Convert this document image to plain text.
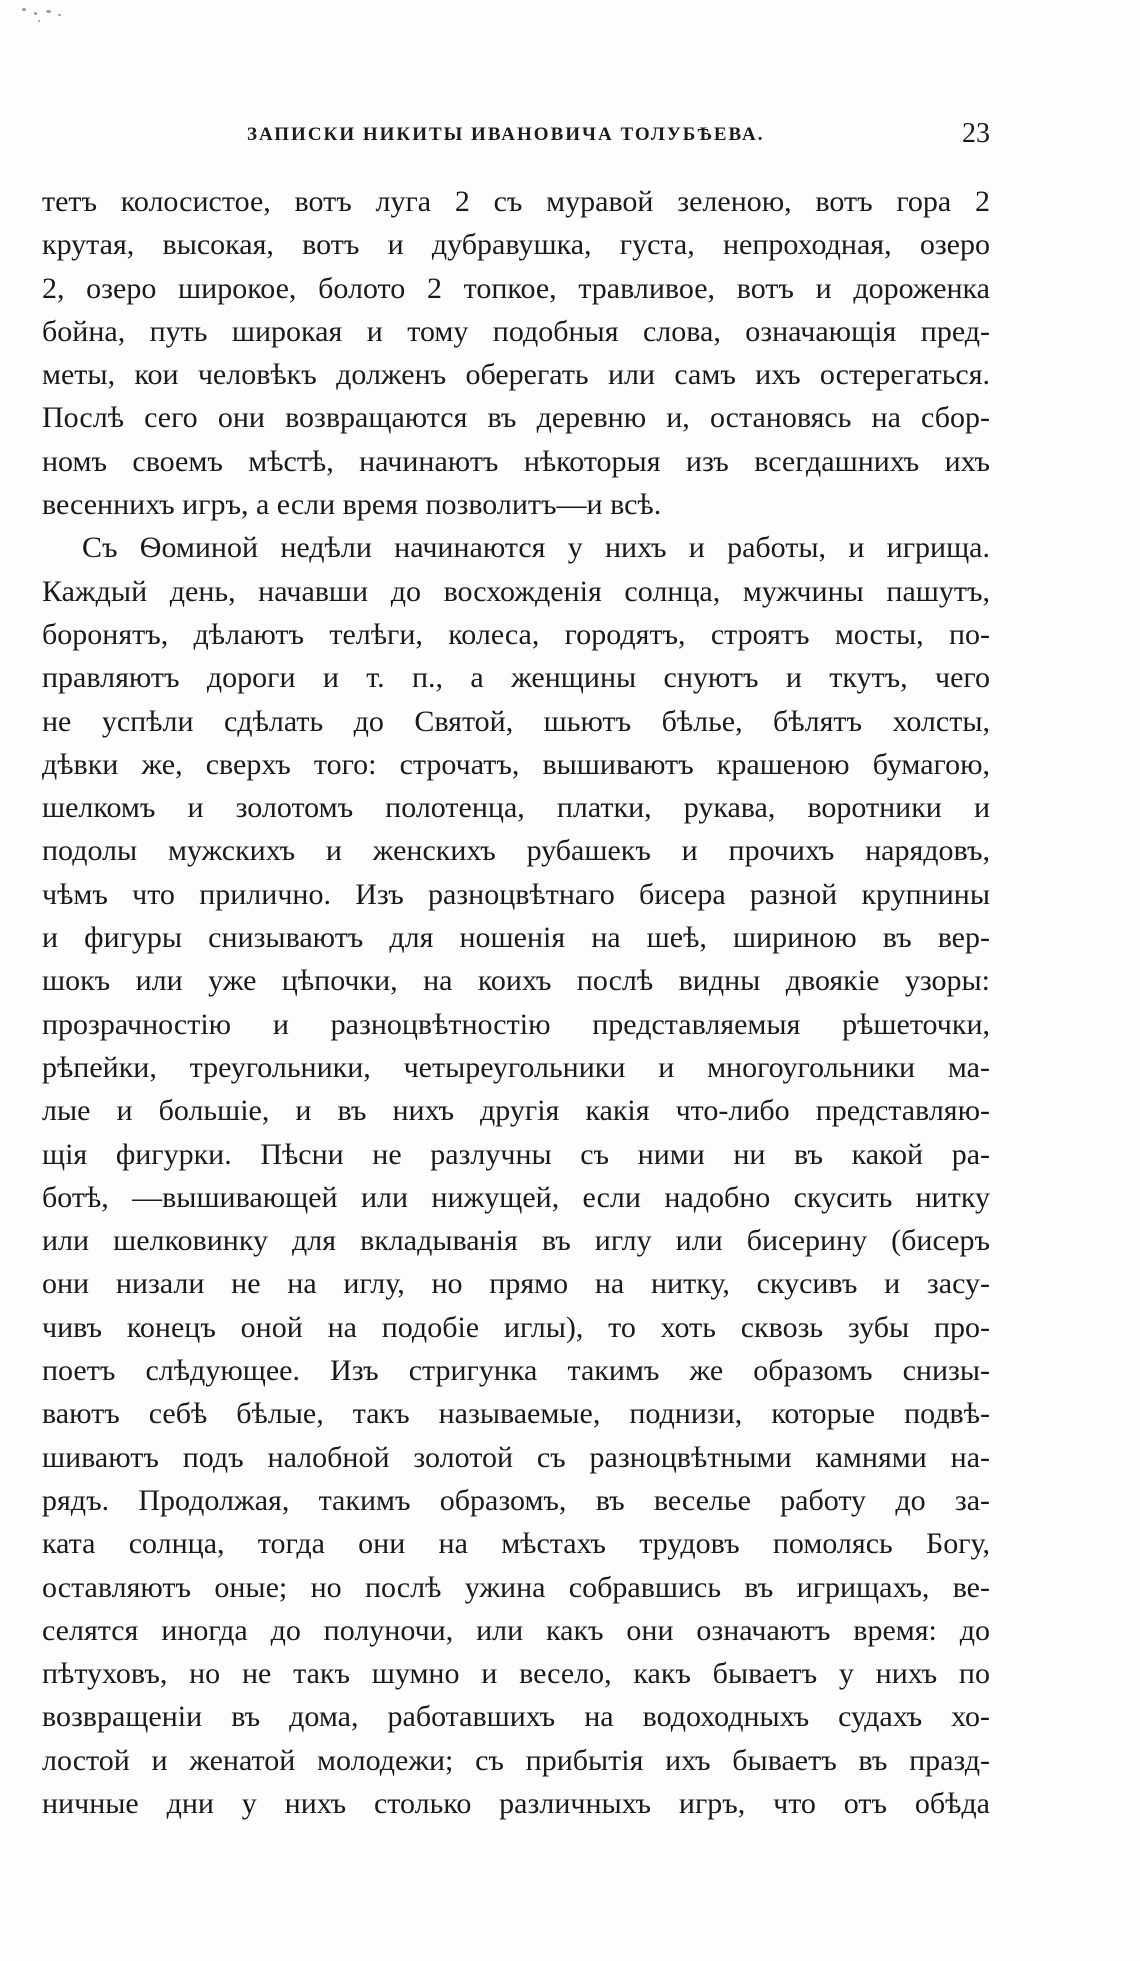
ЗАПИСКИ НИКИТЫ ИВАНОВИЧА ТОЛУБѢЕВА.	23
тетъ колосистое, вотъ луга 2 съ муравой зеленою, вотъ гора 2
крутая, высокая, вотъ и дубравушка, густа, непроходная, озеро
2, озеро широкое, болото 2 топкое, травливое, вотъ и дороженка
бойна, путь широкая и тому подобныя слова, означающія пред-
меты, кои человѣкъ долженъ оберегать или самъ ихъ остерегаться.
Послѣ сего они возвращаются въ деревню и, остановясь на сбор-
номъ своемъ мѣстѣ, начинаютъ нѣкоторыя изъ всегдашнихъ ихъ
весеннихъ игръ, а если время позволитъ—и всѣ.
Съ Ѳоминой недѣли начинаются у нихъ и работы, и игрища.
Каждый день, начавши до восхожденія солнца, мужчины пашутъ,
боронятъ, дѣлаютъ телѣги, колеса, городятъ, строятъ мосты, по-
правляютъ дороги и т. п., а женщины снуютъ и ткутъ, чего
не успѣли сдѣлать до Святой, шьютъ бѣлье, бѣлятъ холсты,
дѣвки же, сверхъ того: строчатъ, вышиваютъ крашеною бумагою,
шелкомъ и золотомъ полотенца, платки, рукава, воротники и
подолы мужскихъ и женскихъ рубашекъ и прочихъ нарядовъ,
чѣмъ что прилично. Изъ разноцвѣтнаго бисера разной крупнины
и фигуры снизываютъ для ношенія на шеѣ, шириною въ вер-
шокъ или уже цѣпочки, на коихъ послѣ видны двоякіе узоры:
прозрачностію и разноцвѣтностію представляемыя рѣшеточки,
рѣпейки, треугольники, четыреугольники и многоугольники ма-
лые и большіе, и въ нихъ другія какія что-либо представляю-
щія фигурки. Пѣсни не разлучны съ ними ни въ какой ра-
ботѣ, —вышивающей или нижущей, если надобно скусить нитку
или шелковинку для вкладыванія въ иглу или бисерину (бисеръ
они низали не на иглу, но прямо на нитку, скусивъ и засу-
чивъ конецъ оной на подобіе иглы), то хоть сквозь зубы про-
поетъ слѣдующее. Изъ стригунка такимъ же образомъ снизы-
ваютъ себѣ бѣлые, такъ называемые, поднизи, которые подвѣ-
шиваютъ подъ налобной золотой съ разноцвѣтными камнями на-
рядъ. Продолжая, такимъ образомъ, въ веселье работу до за-
ката солнца, тогда они на мѣстахъ трудовъ помолясь Богу,
оставляютъ оные; но послѣ ужина собравшись въ игрищахъ, ве-
селятся иногда до полуночи, или какъ они означаютъ время: до
пѣтуховъ, но не такъ шумно и весело, какъ бываетъ у нихъ по
возвращеніи въ дома, работавшихъ на водоходныхъ судахъ хо-
лостой и женатой молодежи; съ прибытія ихъ бываетъ въ празд-
ничные дни у нихъ столько различныхъ игръ, что отъ обѣда
